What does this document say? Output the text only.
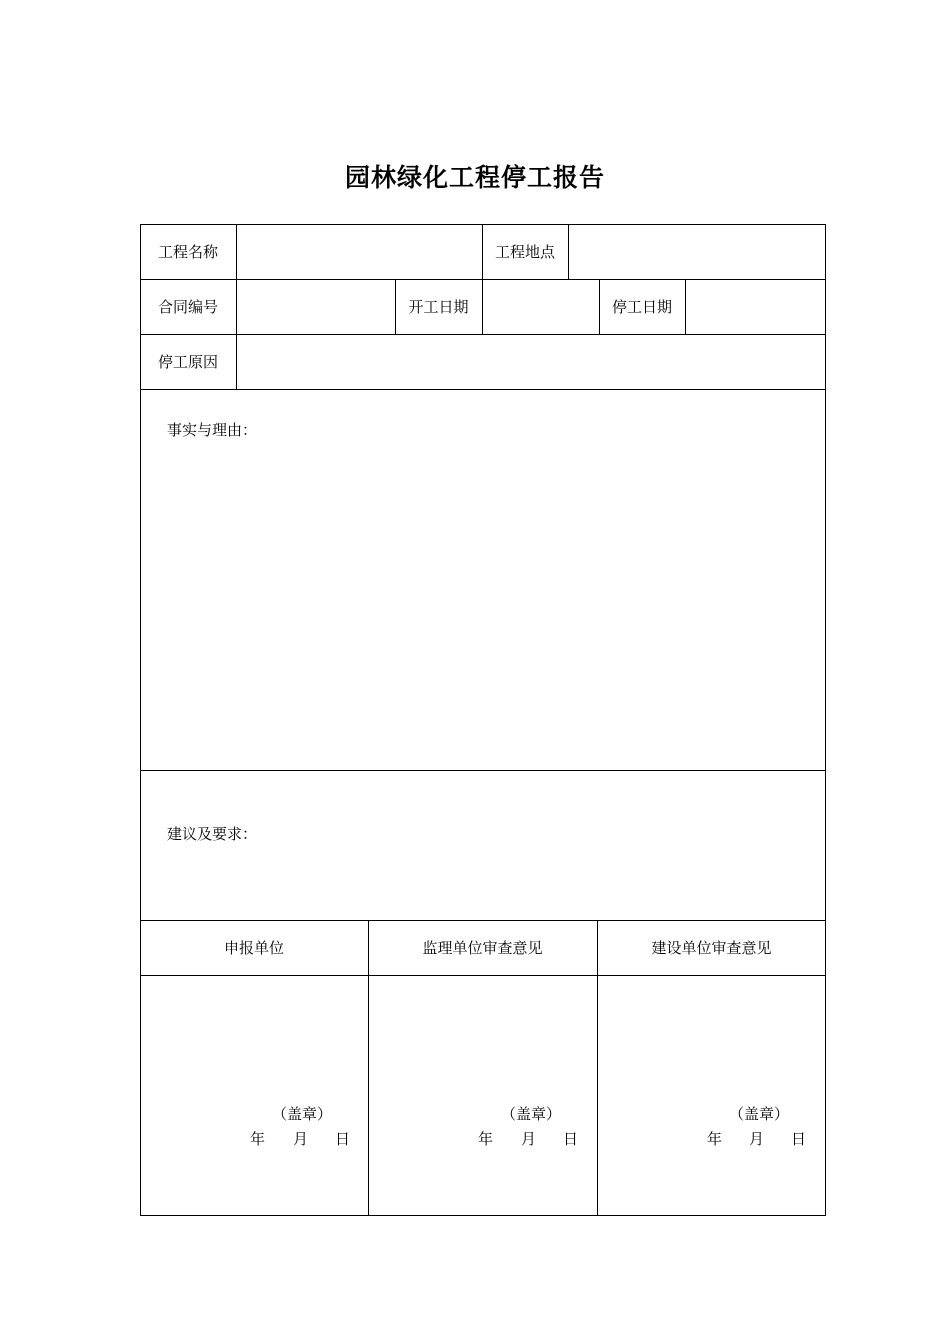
园林绿化工程停工报告
工程名称	工程地点
合同编号	开工日期	停工日期
停工原因
事实与理由：
建议及要求：
申报单位	监理单位审查意见	建设单位审查意见
（盖章）
年 月 日
（盖章）
年 月 日
（盖章）
年 月 日
